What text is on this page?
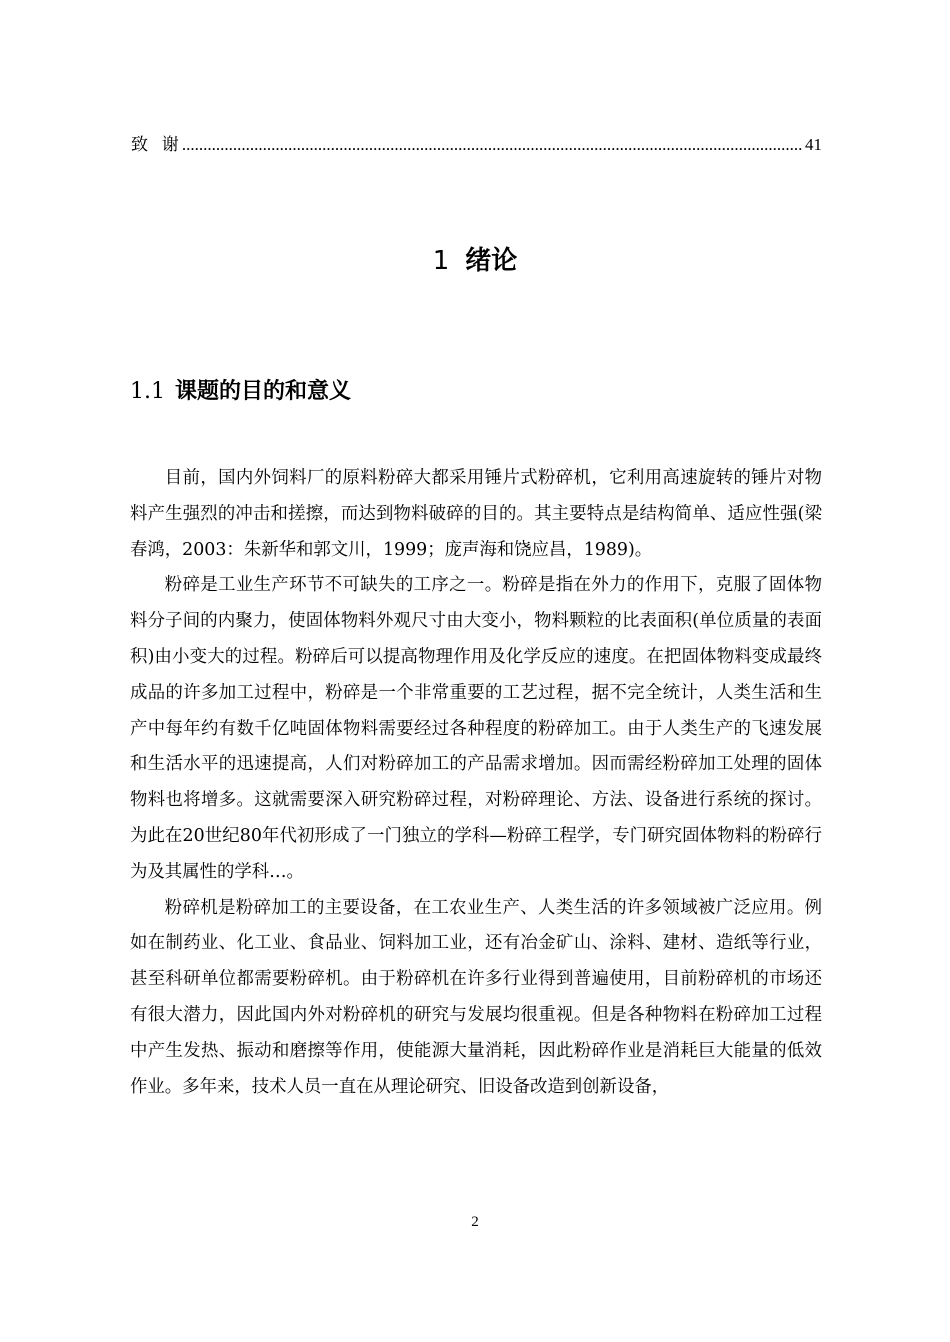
致  谢
.....	41
1 绪论
1.1 课题的目的和意义

目前，国内外饲料厂的原料粉碎大都采用锤片式粉碎机，它利用高速旋转的锤片对物料产生强烈的冲击和搓擦，而达到物料破碎的目的。其主要特点是结构简单、适应性强(梁春鸿，2003：朱新华和郭文川，1999；庞声海和饶应昌，1989)。

粉碎是工业生产环节不可缺失的工序之一。粉碎是指在外力的作用下，克服了固体物料分子间的内聚力，使固体物料外观尺寸由大变小，物料颗粒的比表面积(单位质量的表面积)由小变大的过程。粉碎后可以提高物理作用及化学反应的速度。在把固体物料变成最终成品的许多加工过程中，粉碎是一个非常重要的工艺过程，据不完全统计，人类生活和生产中每年约有数千亿吨固体物料需要经过各种程度的粉碎加工。由于人类生产的飞速发展和生活水平的迅速提高，人们对粉碎加工的产品需求增加。因而需经粉碎加工处理的固体物料也将增多。这就需要深入研究粉碎过程，对粉碎理论、方法、设备进行系统的探讨。为此在20世纪80年代初形成了一门独立的学科—粉碎工程学，专门研究固体物料的粉碎行为及其属性的学科…。

粉碎机是粉碎加工的主要设备，在工农业生产、人类生活的许多领域被广泛应用。例如在制药业、化工业、食品业、饲料加工业，还有冶金矿山、涂料、建材、造纸等行业，甚至科研单位都需要粉碎机。由于粉碎机在许多行业得到普遍使用，目前粉碎机的市场还有很大潜力，因此国内外对粉碎机的研究与发展均很重视。但是各种物料在粉碎加工过程中产生发热、振动和磨擦等作用，使能源大量消耗，因此粉碎作业是消耗巨大能量的低效作业。多年来，技术人员一直在从理论研究、旧设备改造到创新设备，

2
